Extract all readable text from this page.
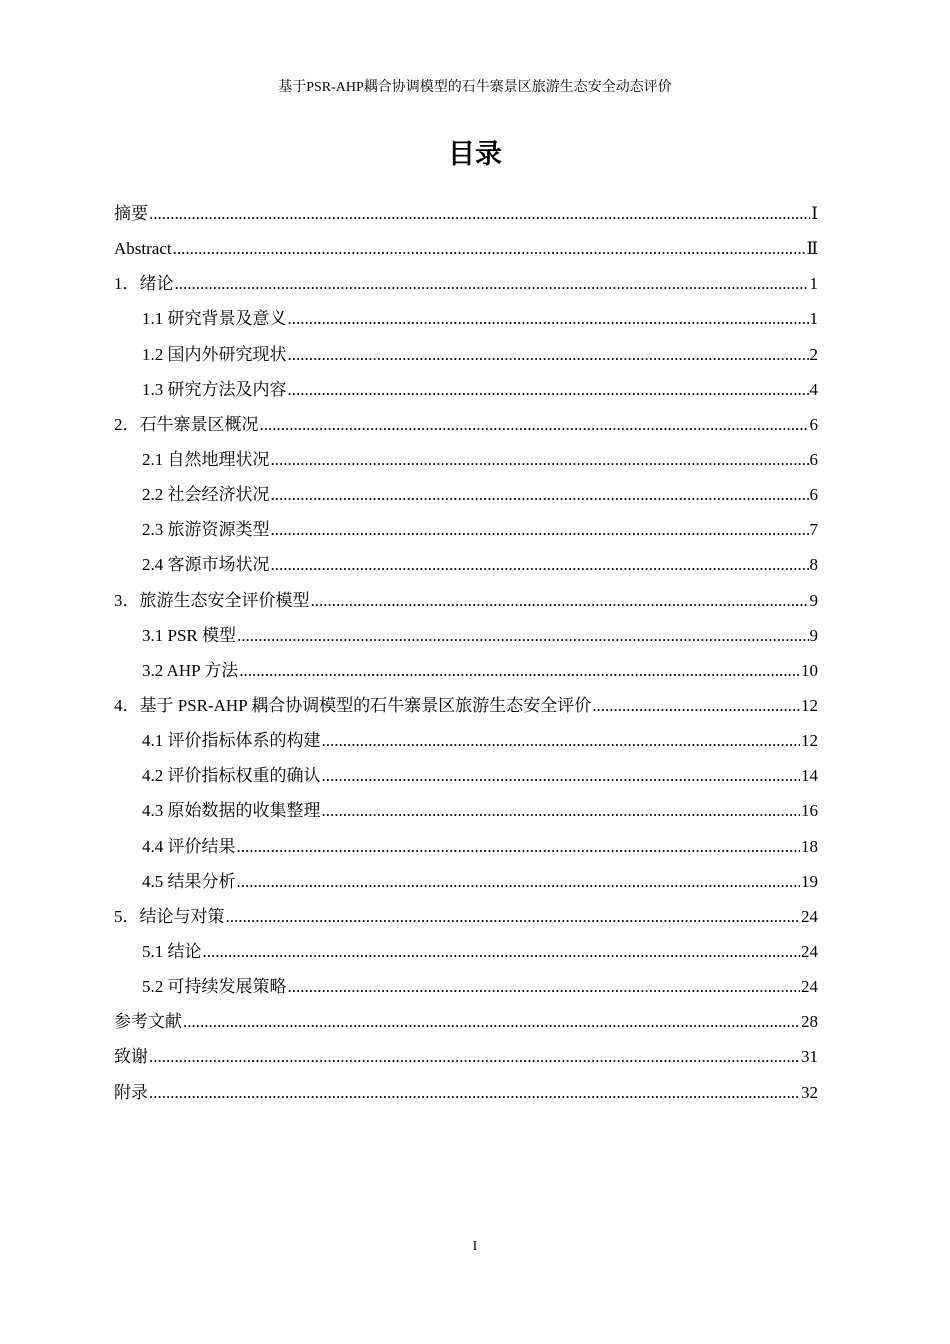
基于PSR-AHP耦合协调模型的石牛寨景区旅游生态安全动态评价
目录
摘要 .....	Ⅰ
Abstract .....	Ⅱ
1．绪论 .....	1
1.1 研究背景及意义 .....	1
1.2 国内外研究现状 .....	2
1.3 研究方法及内容 .....	4
2．石牛寨景区概况 .....	6
2.1 自然地理状况 .....	6
2.2 社会经济状况 .....	6
2.3 旅游资源类型 .....	7
2.4 客源市场状况 .....	8
3．旅游生态安全评价模型 .....	9
3.1 PSR 模型 .....	9
3.2 AHP 方法 .....	10
4．基于 PSR-AHP 耦合协调模型的石牛寨景区旅游生态安全评价 .....	12
4.1 评价指标体系的构建 .....	12
4.2 评价指标权重的确认 .....	14
4.3 原始数据的收集整理 .....	16
4.4 评价结果 .....	18
4.5 结果分析 .....	19
5．结论与对策 .....	24
5.1 结论 .....	24
5.2 可持续发展策略 .....	24
参考文献 .....	28
致谢 .....	31
附录 .....	32
I
